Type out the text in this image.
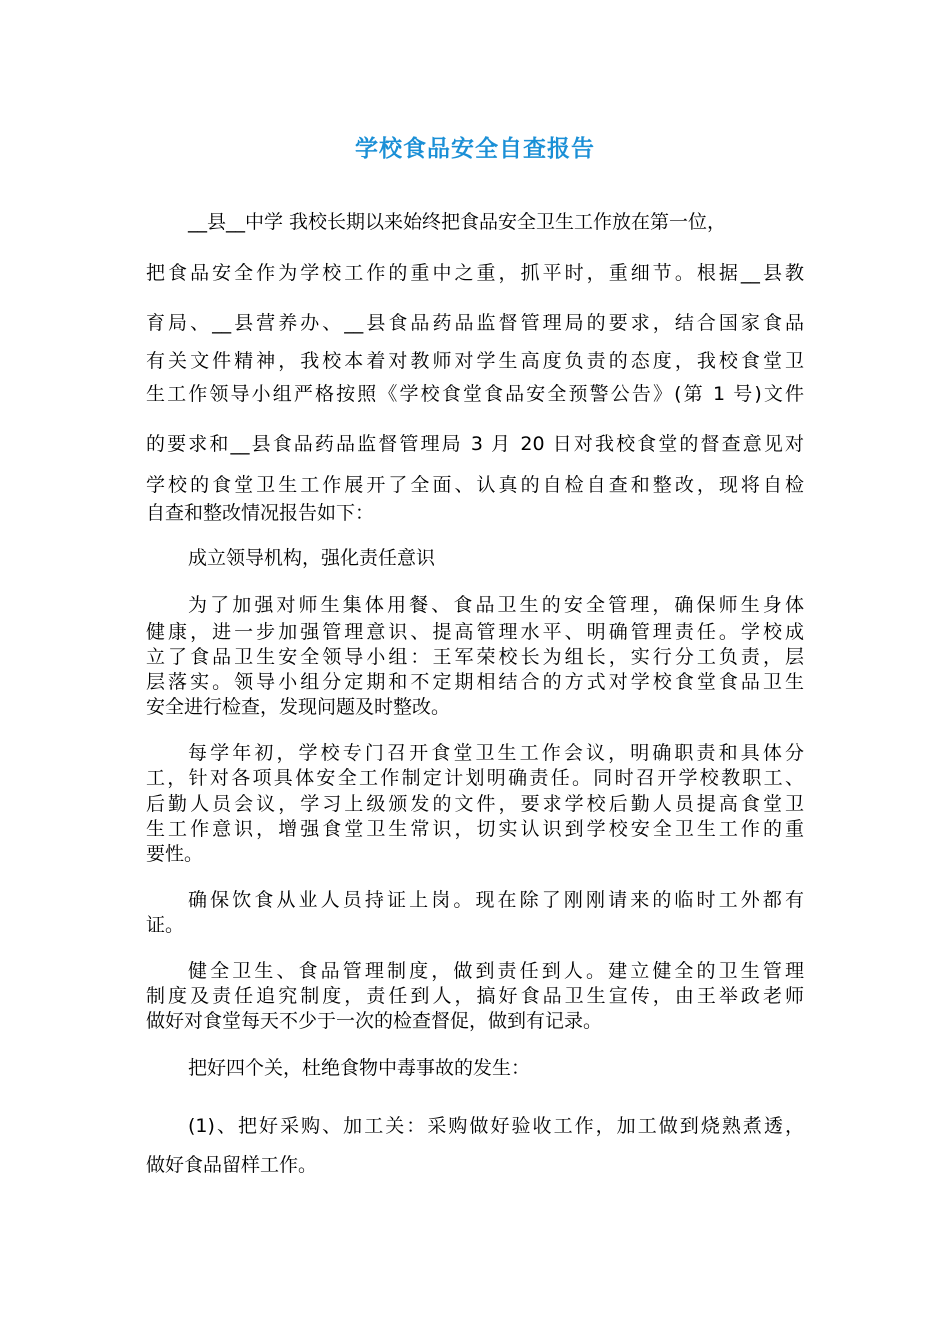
学校食品安全自查报告
__县__中学 我校长期以来始终把食品安全卫生工作放在第一位，
把食品安全作为学校工作的重中之重，抓平时，重细节。根据__县教
育局、__县营养办、__县食品药品监督管理局的要求，结合国家食品
有关文件精神，我校本着对教师对学生高度负责的态度，我校食堂卫
生工作领导小组严格按照《学校食堂食品安全预警公告》(第 1 号)文件
的要求和__县食品药品监督管理局 3 月 20 日对我校食堂的督查意见对
学校的食堂卫生工作展开了全面、认真的自检自查和整改，现将自检
自查和整改情况报告如下：
成立领导机构，强化责任意识
为了加强对师生集体用餐、食品卫生的安全管理，确保师生身体
健康，进一步加强管理意识、提高管理水平、明确管理责任。学校成
立了食品卫生安全领导小组：王军荣校长为组长，实行分工负责，层
层落实。领导小组分定期和不定期相结合的方式对学校食堂食品卫生
安全进行检查，发现问题及时整改。
每学年初，学校专门召开食堂卫生工作会议，明确职责和具体分
工，针对各项具体安全工作制定计划明确责任。同时召开学校教职工、
后勤人员会议，学习上级颁发的文件，要求学校后勤人员提高食堂卫
生工作意识，增强食堂卫生常识，切实认识到学校安全卫生工作的重
要性。
确保饮食从业人员持证上岗。现在除了刚刚请来的临时工外都有
证。
健全卫生、食品管理制度，做到责任到人。建立健全的卫生管理
制度及责任追究制度，责任到人，搞好食品卫生宣传，由王举政老师
做好对食堂每天不少于一次的检查督促，做到有记录。
把好四个关，杜绝食物中毒事故的发生：
(1)、把好采购、加工关：采购做好验收工作，加工做到烧熟煮透，
做好食品留样工作。
